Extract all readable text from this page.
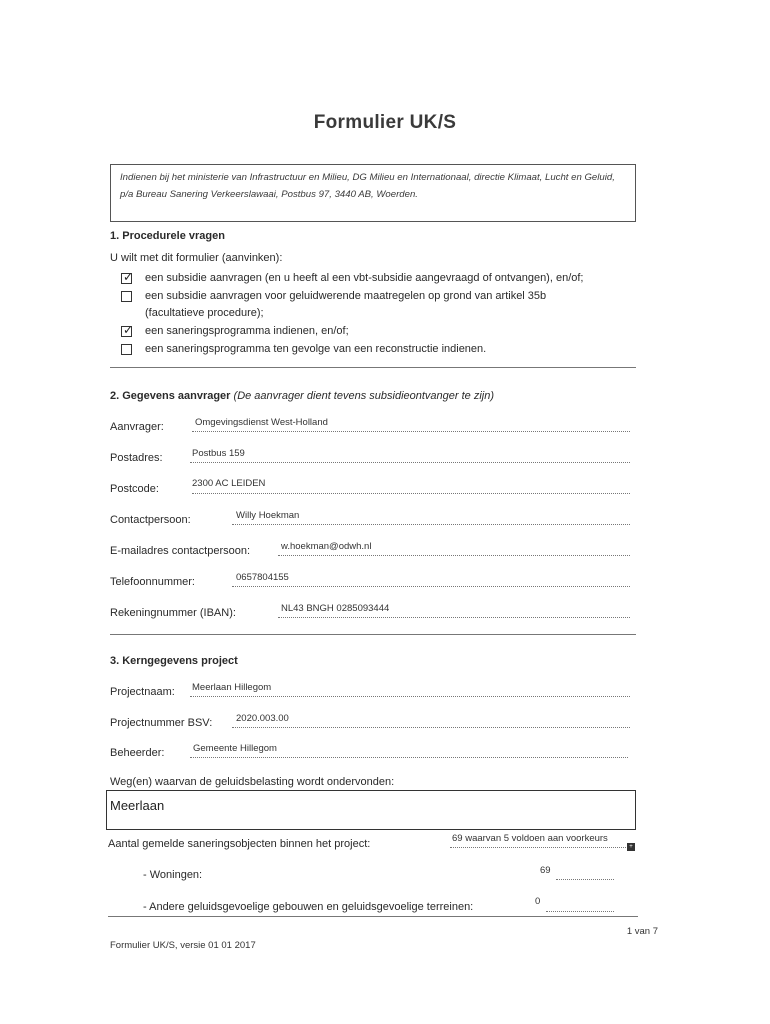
Formulier UK/S
Indienen bij het ministerie van Infrastructuur en Milieu, DG Milieu en Internationaal, directie Klimaat, Lucht en Geluid, p/a Bureau Sanering Verkeerslawaai, Postbus 97, 3440 AB, Woerden.
1. Procedurele vragen
U wilt met dit formulier (aanvinken):
✓ een subsidie aanvragen (en u heeft al een vbt-subsidie aangevraagd of ontvangen), en/of;
een subsidie aanvragen voor geluidwerende maatregelen op grond van artikel 35b
(facultatieve procedure);
✓ een saneringsprogramma indienen, en/of;
een saneringsprogramma ten gevolge van een reconstructie indienen.
2. Gegevens aanvrager (De aanvrager dient tevens subsidieontvanger te zijn)
Aanvrager:	Omgevingsdienst West-Holland
Postadres:	Postbus 159
Postcode:	2300 AC LEIDEN
Contactpersoon:	Willy Hoekman
E-mailadres contactpersoon:	w.hoekman@odwh.nl
Telefoonnummer:	0657804155
Rekeningnummer (IBAN):	NL43 BNGH 0285093444
3. Kerngegevens project
Projectnaam: Meerlaan Hillegom
Projectnummer BSV: 2020.003.00
Beheerder:	Gemeente Hillegom
Weg(en) waarvan de geluidsbelasting wordt ondervonden:
Meerlaan
Aantal gemelde saneringsobjecten binnen het project:	69 waarvan 5 voldoen aan voorkeurs
+
- Woningen:	69
- Andere geluidsgevoelige gebouwen en geluidsgevoelige terreinen:	0
1 van 7
Formulier UK/S, versie 01 01 2017
